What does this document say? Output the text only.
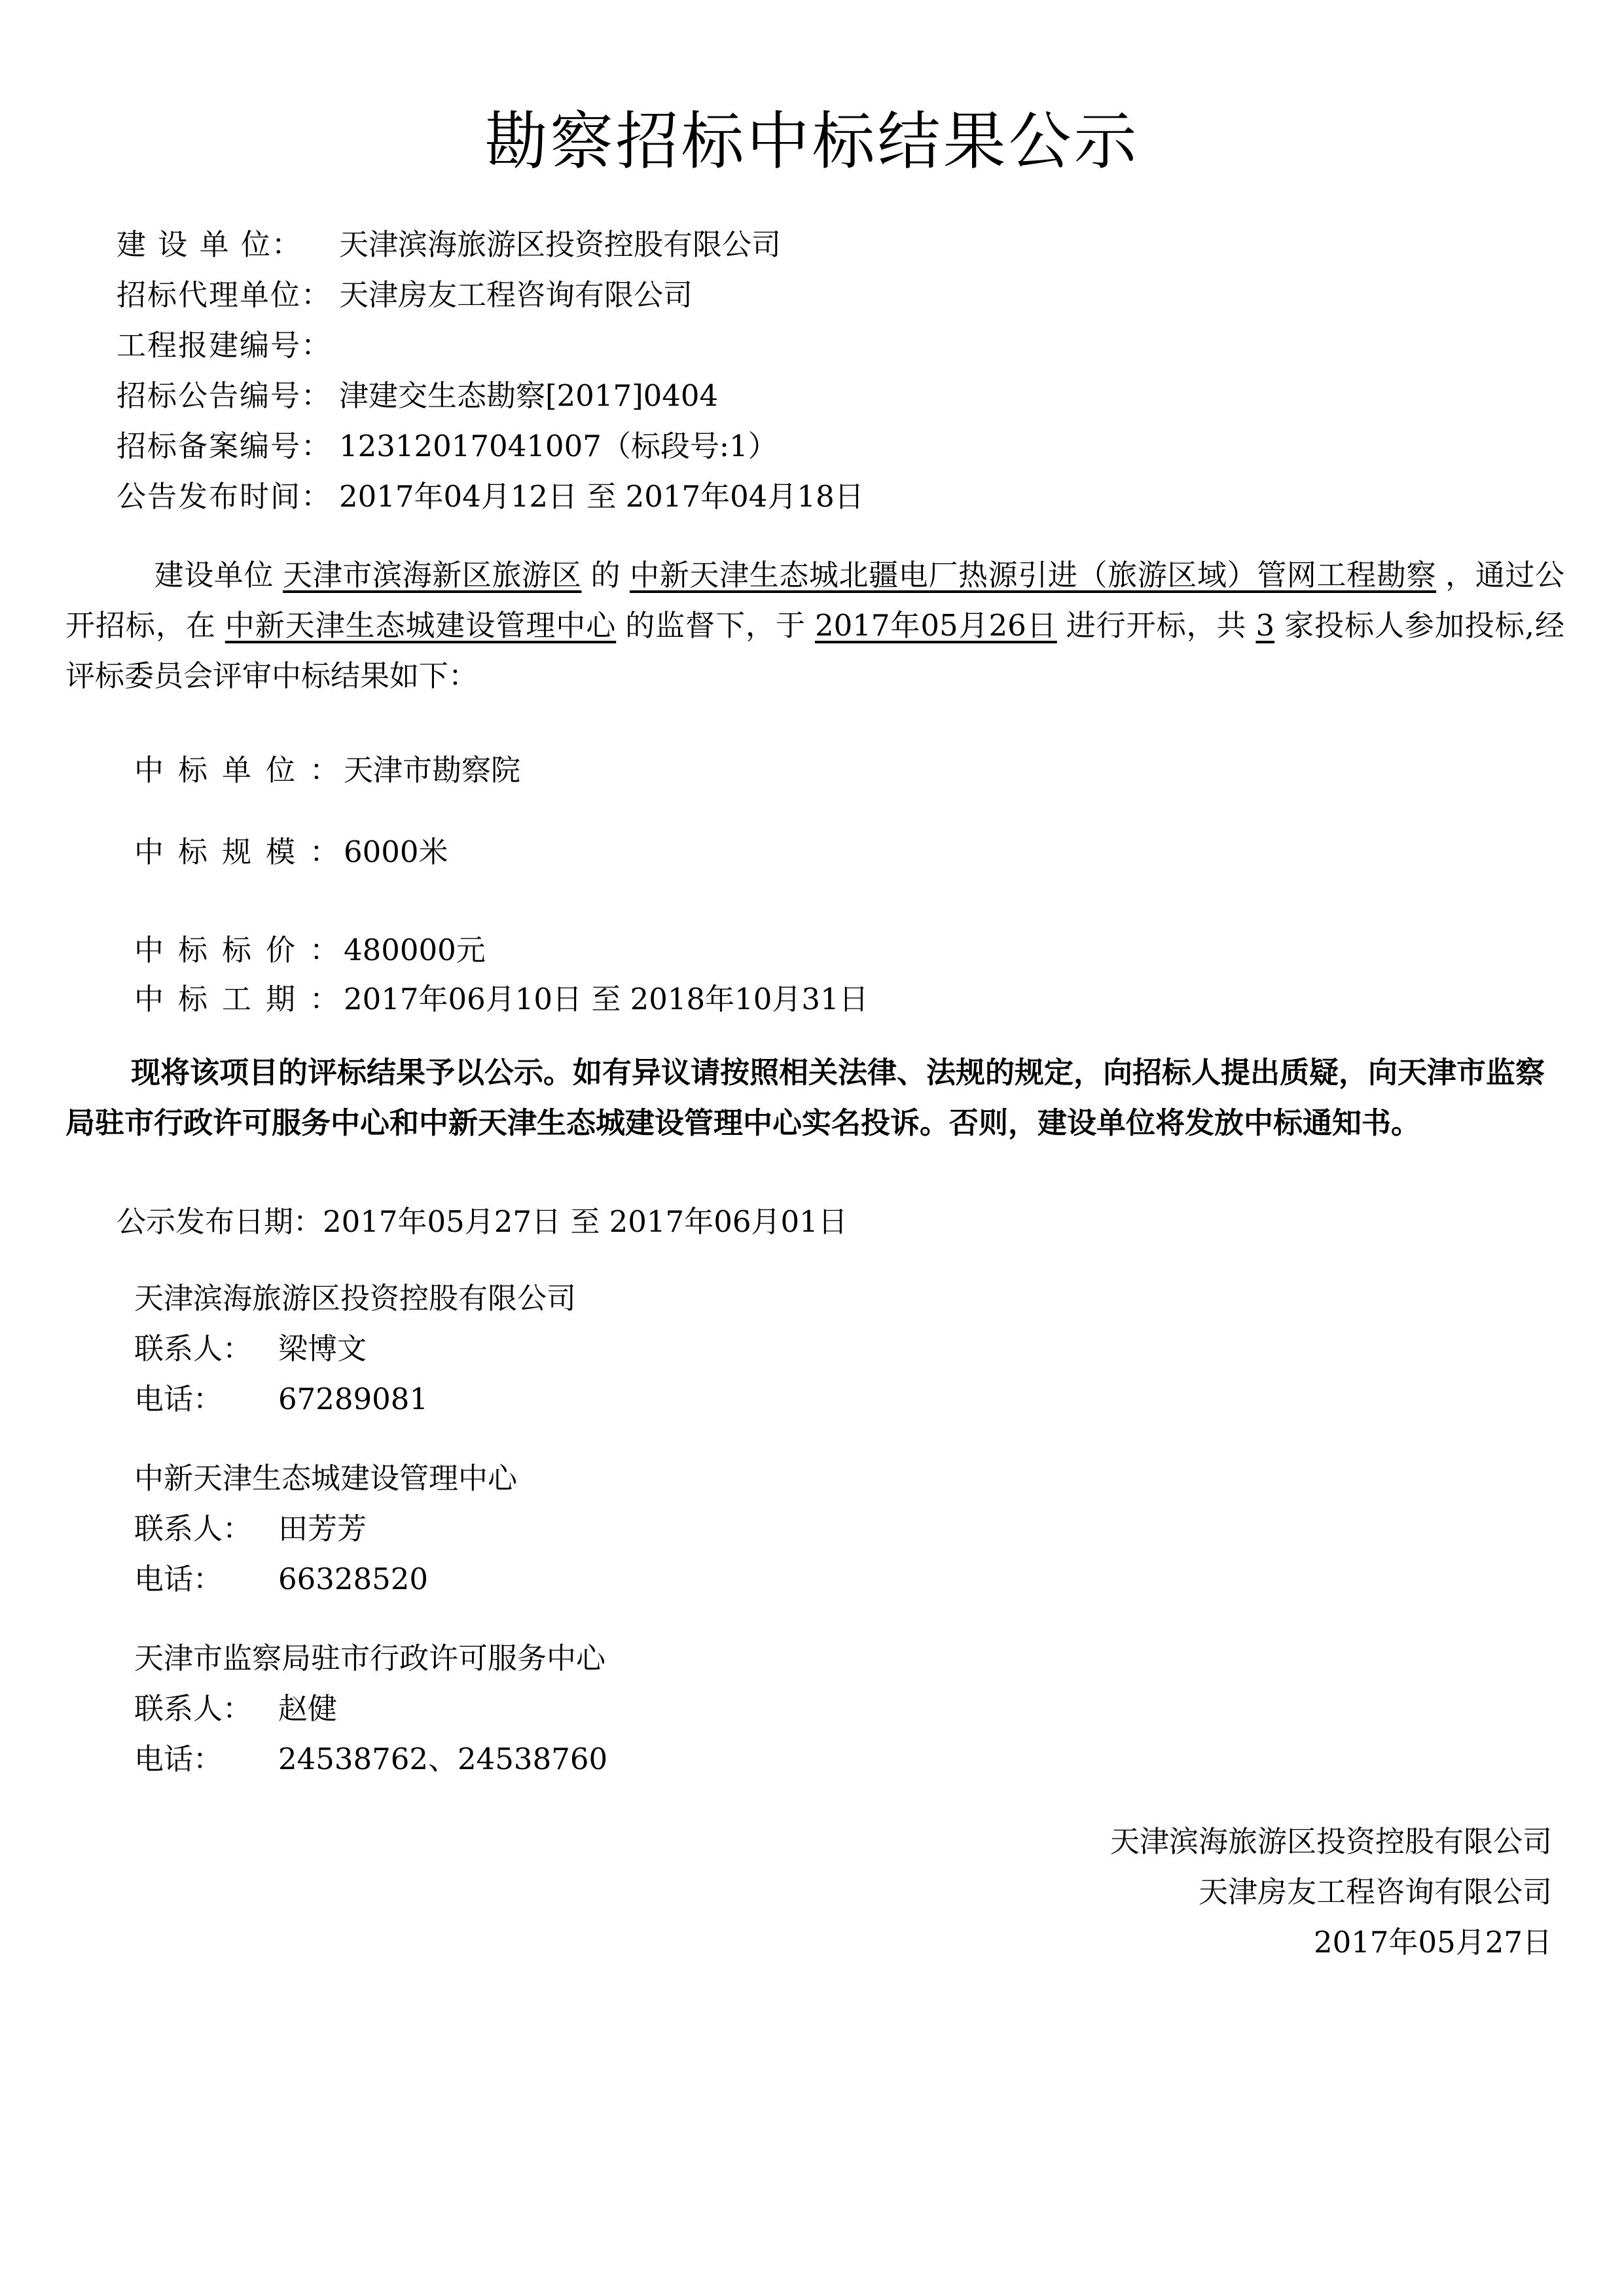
勘察招标中标结果公示
建 设 单 位： 天津滨海旅游区投资控股有限公司
招标代理单位： 天津房友工程咨询有限公司
工程报建编号：
招标公告编号： 津建交生态勘察[2017]0404
招标备案编号： 12312017041007（标段号:1）
公告发布时间： 2017年04月12日 至 2017年04月18日
建设单位 天津市滨海新区旅游区 的 中新天津生态城北疆电厂热源引进（旅游区域）管网工程勘察 ，通过公开招标，在 中新天津生态城建设管理中心 的监督下，于 2017年05月26日 进行开标，共 3 家投标人参加投标,经评标委员会评审中标结果如下：
中标单位：天津市勘察院
中标规模：6000米
中标标价：480000元
中标工期：2017年06月10日 至 2018年10月31日
现将该项目的评标结果予以公示。如有异议请按照相关法律、法规的规定，向招标人提出质疑，向天津市监察局驻市行政许可服务中心和中新天津生态城建设管理中心实名投诉。否则，建设单位将发放中标通知书。
公示发布日期：2017年05月27日 至 2017年06月01日
天津滨海旅游区投资控股有限公司
联系人： 梁博文
电话： 67289081
中新天津生态城建设管理中心
联系人： 田芳芳
电话： 66328520
天津市监察局驻市行政许可服务中心
联系人： 赵健
电话： 24538762、24538760
天津滨海旅游区投资控股有限公司
天津房友工程咨询有限公司
2017年05月27日
